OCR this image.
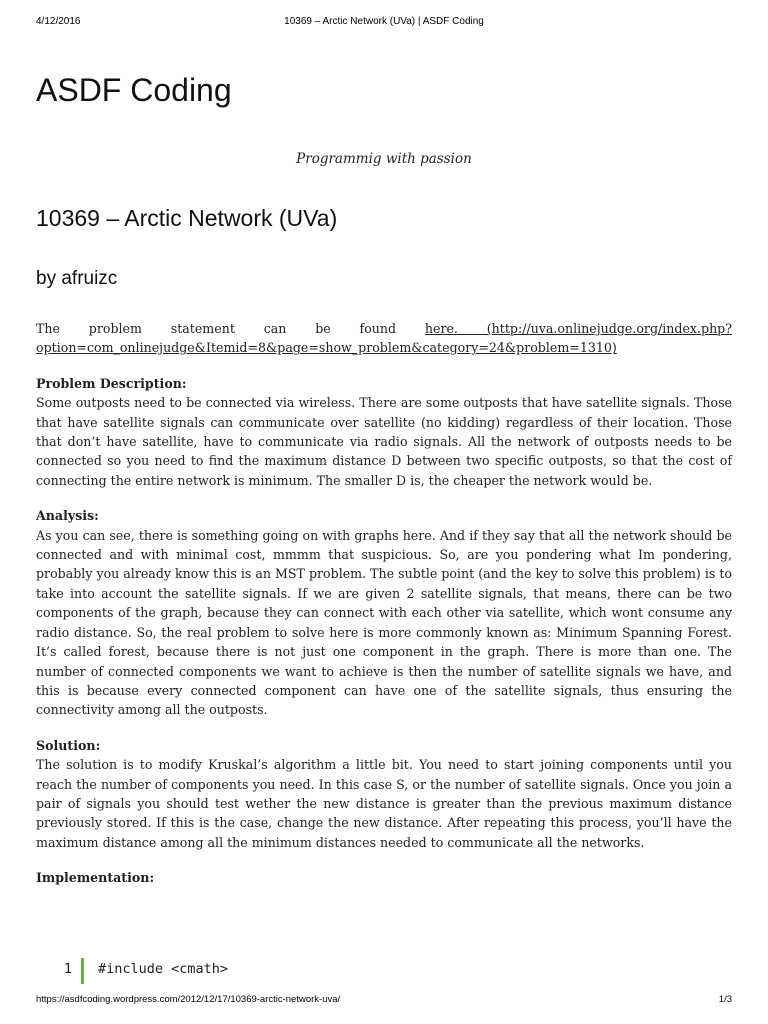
4/12/2016	10369 – Arctic Network (UVa) | ASDF Coding
ASDF Coding
Programmig with passion
10369 – Arctic Network (UVa)
by afruizc

The problem statement can be found here. (http://uva.onlinejudge.org/index.php?option=com_onlinejudge&Itemid=8&page=show_problem&category=24&problem=1310)

Problem Description:

Some outposts need to be connected via wireless. There are some outposts that have satellite signals. Those that have satellite signals can communicate over satellite (no kidding) regardless of their location. Those that don’t have satellite, have to communicate via radio signals. All the network of outposts needs to be connected so you need to find the maximum distance D between two specific outposts, so that the cost of connecting the entire network is minimum. The smaller D is, the cheaper the network would be.

Analysis:

As you can see, there is something going on with graphs here. And if they say that all the network should be connected and with minimal cost, mmmm that suspicious. So, are you pondering what Im pondering, probably you already know this is an MST problem. The subtle point (and the key to solve this problem) is to take into account the satellite signals. If we are given 2 satellite signals, that means, there can be two components of the graph, because they can connect with each other via satellite, which wont consume any radio distance. So, the real problem to solve here is more commonly known as: Minimum Spanning Forest. It’s called forest, because there is not just one component in the graph. There is more than one. The number of connected components we want to achieve is then the number of satellite signals we have, and this is because every connected component can have one of the satellite signals, thus ensuring the connectivity among all the outposts.

Solution:

The solution is to modify Kruskal’s algorithm a little bit. You need to start joining components until you reach the number of components you need. In this case S, or the number of satellite signals. Once you join a pair of signals you should test wether the new distance is greater than the previous maximum distance previously stored. If this is the case, change the new distance. After repeating this process, you’ll have the maximum distance among all the minimum distances needed to communicate all the networks.

Implementation:
1 #include <cmath>
https://asdfcoding.wordpress.com/2012/12/17/10369-arctic-network-uva/	1/3
